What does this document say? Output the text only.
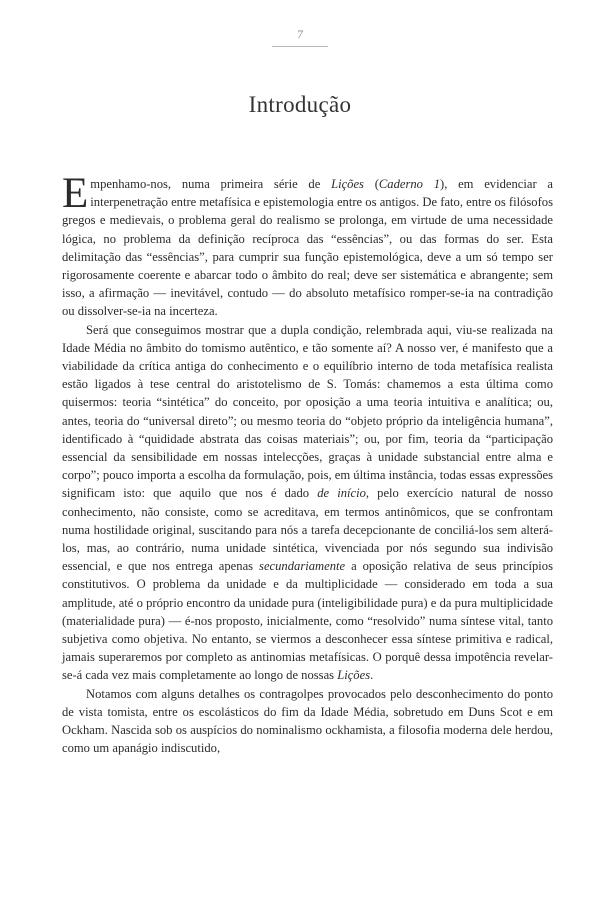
7
Introdução

Empenhamo-nos, numa primeira série de Lições (Caderno 1), em evidenciar a interpenetração entre metafísica e epistemologia entre os antigos. De fato, entre os filósofos gregos e medievais, o problema geral do realismo se prolonga, em virtude de uma necessidade lógica, no problema da definição recíproca das “essências”, ou das formas do ser. Esta delimitação das “essências”, para cumprir sua função epistemológica, deve a um só tempo ser rigorosamente coerente e abarcar todo o âmbito do real; deve ser sistemática e abrangente; sem isso, a afirmação — inevitável, contudo — do absoluto metafísico romper-se-ia na contradição ou dissolver-se-ia na incerteza.

Será que conseguimos mostrar que a dupla condição, relembrada aqui, viu-se realizada na Idade Média no âmbito do tomismo autêntico, e tão somente aí? A nosso ver, é manifesto que a viabilidade da crítica antiga do conhecimento e o equilíbrio interno de toda metafísica realista estão ligados à tese central do aristotelismo de S. Tomás: chamemos a esta última como quisermos: teoria “sintética” do conceito, por oposição a uma teoria intuitiva e analítica; ou, antes, teoria do “universal direto”; ou mesmo teoria do “objeto próprio da inteligência humana”, identificado à “quididade abstrata das coisas materiais”; ou, por fim, teoria da “participação essencial da sensibilidade em nossas intelecções, graças à unidade substancial entre alma e corpo”; pouco importa a escolha da formulação, pois, em última instância, todas essas expressões significam isto: que aquilo que nos é dado de início, pelo exercício natural de nosso conhecimento, não consiste, como se acreditava, em termos antinômicos, que se confrontam numa hostilidade original, suscitando para nós a tarefa decepcionante de conciliá-los sem alterá-los, mas, ao contrário, numa unidade sintética, vivenciada por nós segundo sua indivisão essencial, e que nos entrega apenas secundariamente a oposição relativa de seus princípios constitutivos. O problema da unidade e da multiplicidade — considerado em toda a sua amplitude, até o próprio encontro da unidade pura (inteligibilidade pura) e da pura multiplicidade (materialidade pura) — é-nos proposto, inicialmente, como “resolvido” numa síntese vital, tanto subjetiva como objetiva. No entanto, se viermos a desconhecer essa síntese primitiva e radical, jamais superaremos por completo as antinomias metafísicas. O porquê dessa impotência revelar-se-á cada vez mais completamente ao longo de nossas Lições.

Notamos com alguns detalhes os contragolpes provocados pelo desconhecimento do ponto de vista tomista, entre os escolásticos do fim da Idade Média, sobretudo em Duns Scot e em Ockham. Nascida sob os auspícios do nominalismo ockhamista, a filosofia moderna dele herdou, como um apanágio indiscutido,
